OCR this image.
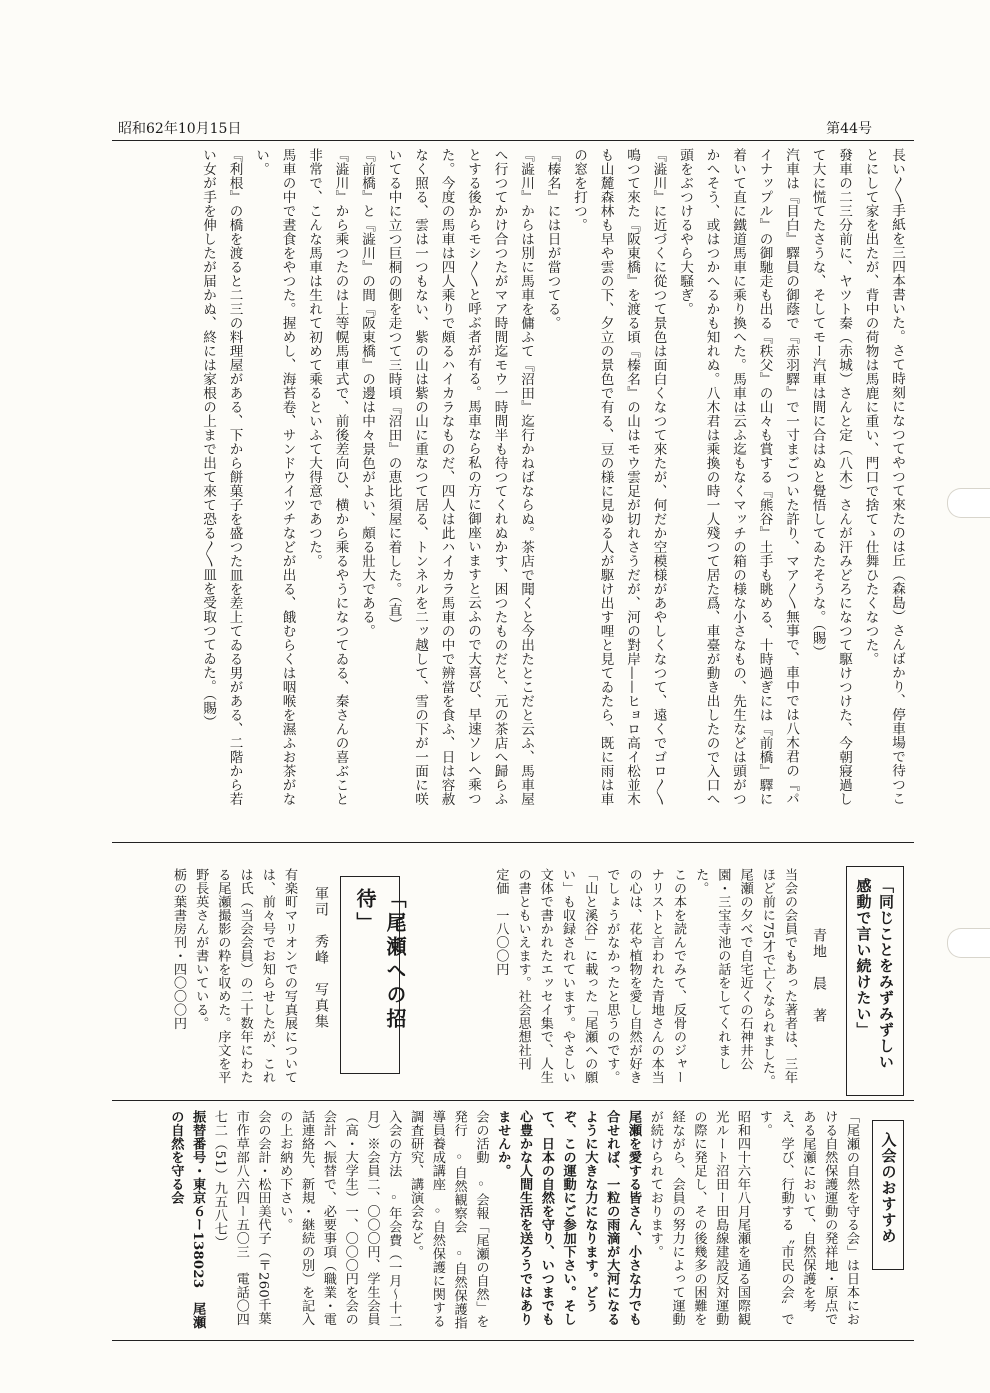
昭和62年10月15日	第44号

長い〳〵手紙を三四本書いた。さて時刻になつてやつて來たのは丘（森島）さんばかり、停車場で待つことにして家を出たが、背中の荷物は馬鹿に重い、門口で捨てゝ仕舞ひたくなつた。

發車の二三分前に、ヤツト秦（赤城）さんと定（八木）さんが汗みどろになつて駆けつけた、今朝寢過して大に慌てたさうな、そしてモー汽車は間に合はぬと覺悟してゐたそうな。（賜）

汽車は『目白』驛員の御蔭で『赤羽驛』で一寸まごついた許り、マア〳〵無事で、車中では八木君の『パイナップル』の御馳走も出る『秩父』の山々も賞する『熊谷』土手も眺める、十時過ぎには『前橋』驛に着いて直に鐵道馬車に乘り換へた。馬車は云ふ迄もなくマッチの箱の様な小さなもの、先生などは頭がつかへそう、或はつかへるかも知れぬ。八木君は乘換の時一人殘つて居た爲、車臺が動き出したので入口へ頭をぶつけるやら大騒ぎ。

『澁川』に近づくに從つて景色は面白くなつて來たが、何だか空模様があやしくなつて、遠くでゴロ〳〵鳴つて來た『阪東橋』を渡る頃『榛名』の山はモウ雲足が切れさうだが、河の對岸——ヒョロ高イ松並木も山麓森林も早や雲の下、夕立の景色で有る、豆の様に見ゆる人が駆け出す哩と見てゐたら、既に雨は車の窓を打つ。

『榛名』には日が當つてる。

『澁川』からは別に馬車を傭ふて『沼田』迄行かねばならぬ。茶店で聞くと今出たとこだと云ふ、馬車屋へ行つてかけ合つたがマア時間迄モウ一時間半も待つてくれぬかす、困つたものだと、元の茶店へ歸らふとする後からモシ〳〵と呼ぶ者が有る。馬車なら私の方に御座いますと云ふので大喜び、早速ソレへ乘つた。今度の馬車は四人乘りで頗るハイカラなものだ、四人は此ハイカラ馬車の中で辨當を食ふ、日は容赦なく照る、雲は一つもない、紫の山は紫の山に重なつて居る、トンネルを二ッ越して、雪の下が一面に咲いてる中に立つ巨桐の側を走つて三時頃『沼田』の恵比須屋に着した。（直）

『前橋』と『澁川』の間『阪東橋』の邊は中々景色がよい、頗る壯大である。

『澁川』から乘つたのは上等幌馬車式で、前後差向ひ、横から乘るやうになつてゐる、秦さんの喜ぶこと非常で、こんな馬車は生れて初めて乘るといふて大得意であつた。

馬車の中で晝食をやつた。握めし、海苔卷、サンドウイツチなどが出る、餓むらくは咽喉を濕ふお茶がない。

『利根』の橋を渡ると二三の料理屋がある、下から餅菓子を盛つた皿を差上てゐる男がある、二階から若い女が手を伸したが届かぬ、終には家根の上まで出て來て恐る〳〵皿を受取つてゐた。（賜）

「同じことをみずみずしい感動で言い続けたい」
青地　晨　著

当会の会員でもあった著者は、三年ほど前に75才で亡くなられました。尾瀬の夕べで自宅近くの石神井公園・三宝寺池の話をしてくれました。

この本を読んでみて、反骨のジャーナリストと言われた青地さんの本当の心は、花や植物を愛し自然が好きでしょうがなかったと思うのです。

「山と溪谷」に載った「尾瀬への願い」も収録されています。やさしい文体で書かれたエッセイ集で、人生の書ともいえます。社会思想社刊　定価　一八〇〇円

「尾瀬への招待」
軍司　秀峰　写真集

有楽町マリオンでの写真展については、前々号でお知らせしたが、これは氏（当会会員）の二十数年にわたる尾瀬撮影の粋を収めた。序文を平野長英さんが書いている。

栃の葉書房刊・四〇〇〇円

入会のおすすめ

「尾瀬の自然を守る会」は日本における自然保護運動の発祥地・原点である尾瀬において、自然保護を考え、学び、行動する〝市民の会〟です。

昭和四十六年八月尾瀬を通る国際観光ルート沼田ー田島線建設反対運動の際に発足し、その後幾多の困難を経ながら、会員の努力によって運動が続けられております。

尾瀬を愛する皆さん、小さな力でも合せれば、一粒の雨滴が大河になるように大きな力になります。どうぞ、この運動にご参加下さい。そして、日本の自然を守り、いつまでも心豊かな人間生活を送ろうではありませんか。

会の活動　◦会報「尾瀬の自然」を発行　◦自然観察会　◦自然保護指導員養成講座　◦自然保護に関する調査研究、講演会など。

入会の方法　◦年会費（一月〜十二月）※会員二、〇〇〇円、学生会員（高・大学生）一、〇〇〇円を会の会計へ振替で、必要事項（職業・電話連絡先、新規・継続の別）を記入の上お納め下さい。

会の会計・松田美代子（〒260千葉市作草部八六四ー五〇三　電話〇四七二（51）九五八七）

振替番号・東京６ー138023　尾瀬の自然を守る会
